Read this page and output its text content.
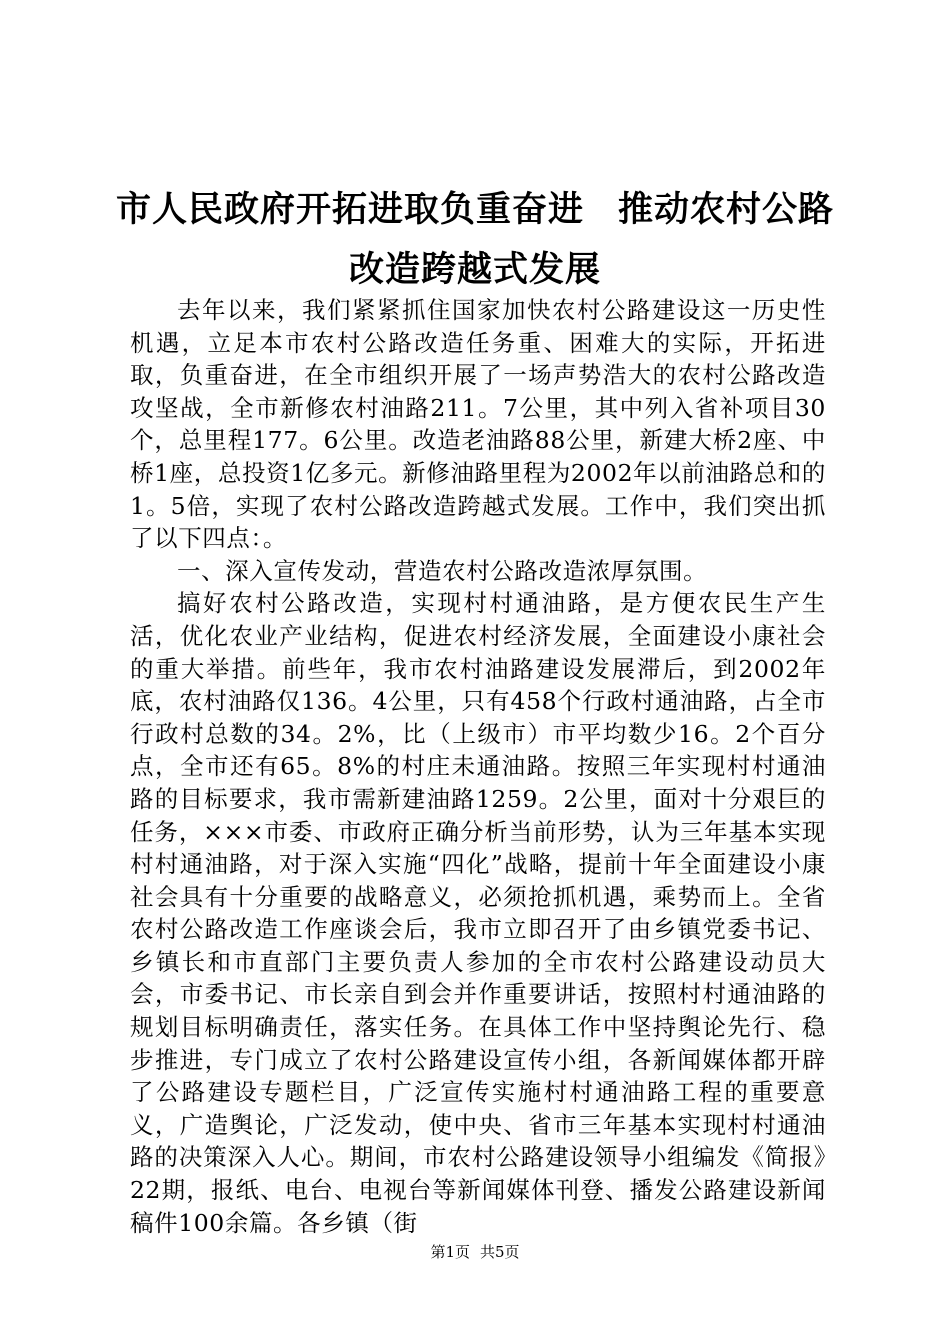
市人民政府开拓进取负重奋进 推动农村公路
改造跨越式发展

去年以来，我们紧紧抓住国家加快农村公路建设这一历史性机遇，立足本市农村公路改造任务重、困难大的实际，开拓进取，负重奋进，在全市组织开展了一场声势浩大的农村公路改造攻坚战，全市新修农村油路211。7公里，其中列入省补项目30个，总里程177。6公里。改造老油路88公里，新建大桥2座、中桥1座，总投资1亿多元。新修油路里程为2002年以前油路总和的1。5倍，实现了农村公路改造跨越式发展。工作中，我们突出抓了以下四点：。

一、深入宣传发动，营造农村公路改造浓厚氛围。

搞好农村公路改造，实现村村通油路，是方便农民生产生活，优化农业产业结构，促进农村经济发展，全面建设小康社会的重大举措。前些年，我市农村油路建设发展滞后，到2002年底，农村油路仅136。4公里，只有458个行政村通油路，占全市行政村总数的34。2%，比（上级市）市平均数少16。2个百分点，全市还有65。8%的村庄未通油路。按照三年实现村村通油路的目标要求，我市需新建油路1259。2公里，面对十分艰巨的任务，×××市委、市政府正确分析当前形势，认为三年基本实现村村通油路，对于深入实施“四化”战略，提前十年全面建设小康社会具有十分重要的战略意义，必须抢抓机遇，乘势而上。全省农村公路改造工作座谈会后，我市立即召开了由乡镇党委书记、乡镇长和市直部门主要负责人参加的全市农村公路建设动员大会，市委书记、市长亲自到会并作重要讲话，按照村村通油路的规划目标明确责任，落实任务。在具体工作中坚持舆论先行、稳步推进，专门成立了农村公路建设宣传小组，各新闻媒体都开辟了公路建设专题栏目，广泛宣传实施村村通油路工程的重要意义，广造舆论，广泛发动，使中央、省市三年基本实现村村通油路的决策深入人心。期间，市农村公路建设领导小组编发《简报》22期，报纸、电台、电视台等新闻媒体刊登、播发公路建设新闻稿件100余篇。各乡镇（街

第1页 共5页
